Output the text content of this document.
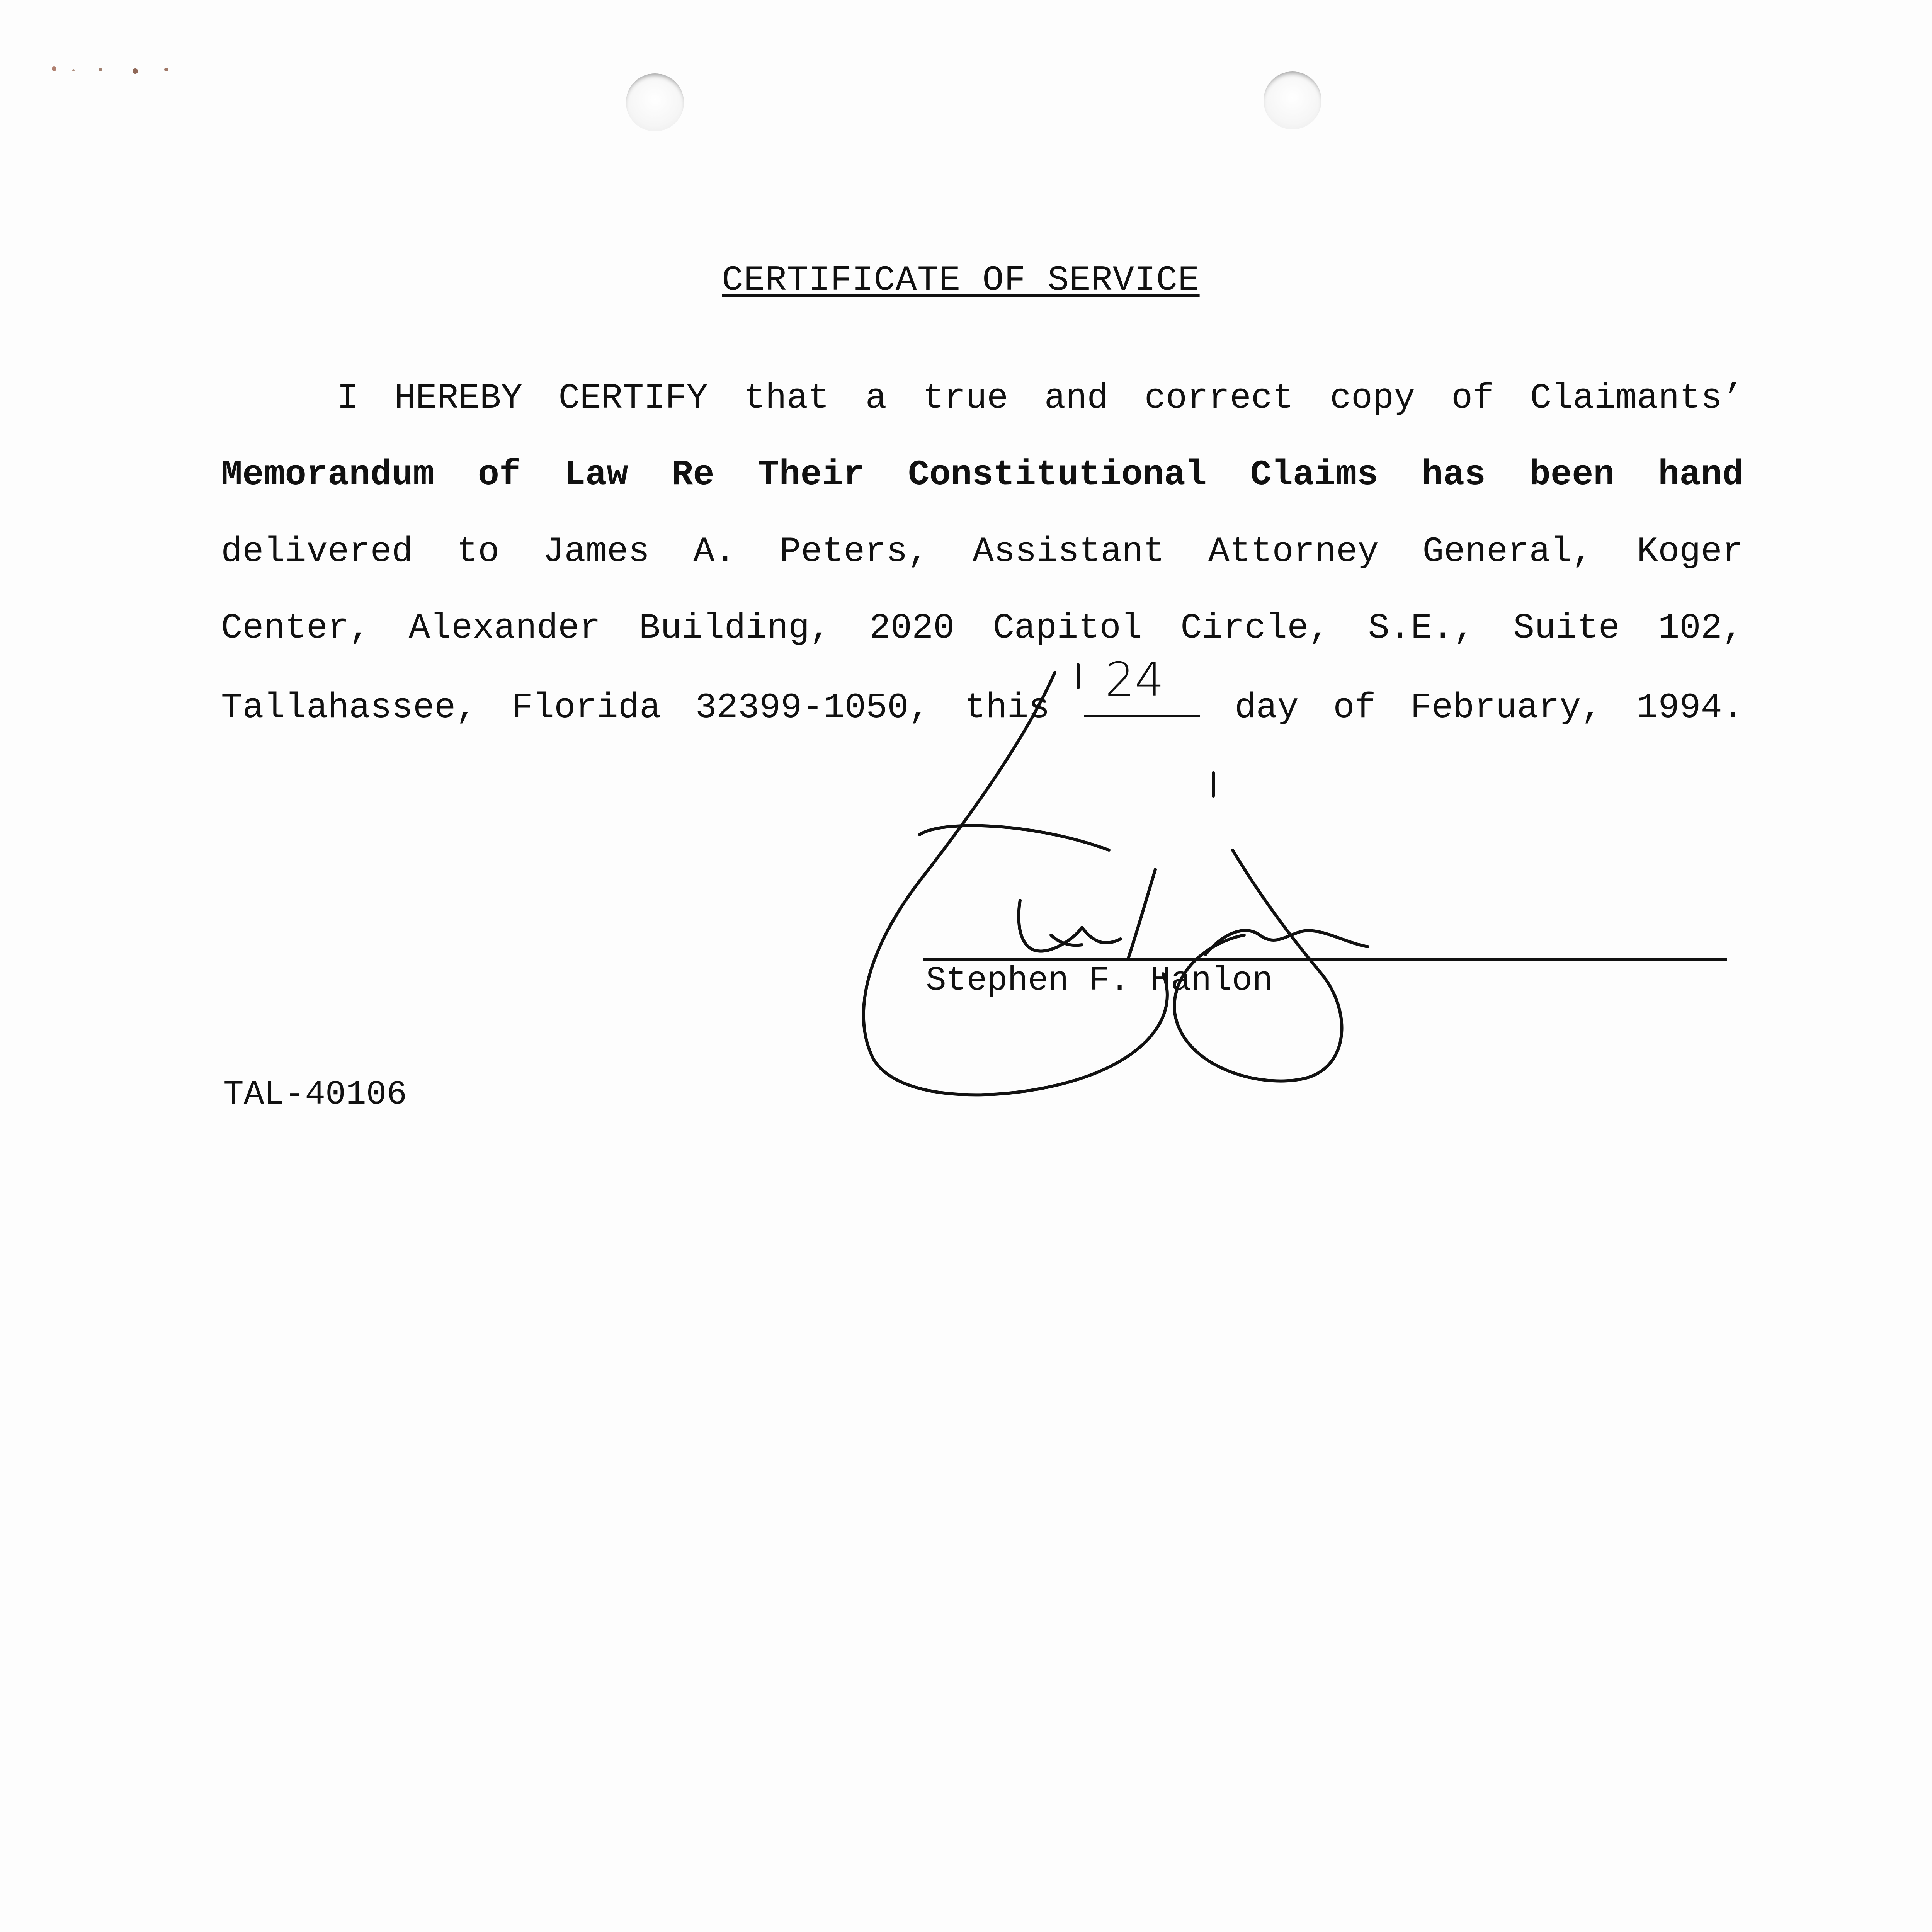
CERTIFICATE OF SERVICE
I HEREBY CERTIFY that a true and correct copy of Claimants’
Memorandum of Law Re Their Constitutional Claims has been hand
delivered to James A. Peters, Assistant Attorney General, Koger
Center, Alexander Building, 2020 Capitol Circle, S.E., Suite 102,
Tallahassee, Florida 32399-1050, this	day of February, 1994.
24
Stephen F. Hanlon
TAL-40106
